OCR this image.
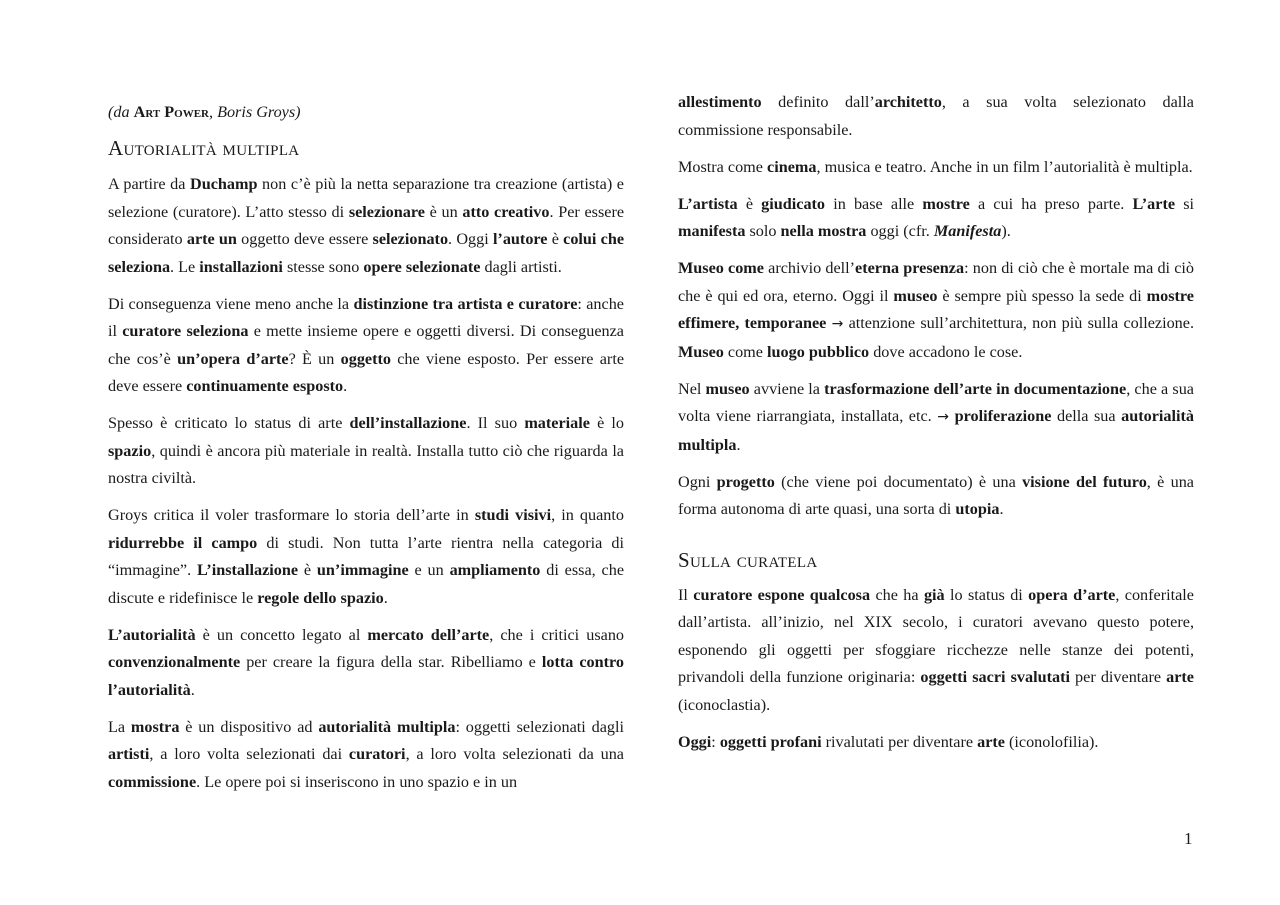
(da Art Power, Boris Groys)

Autorialità multipla

A partire da Duchamp non c’è più la netta separazione tra creazione (artista) e selezione (curatore). L’atto stesso di selezionare è un atto creativo. Per essere considerato arte un oggetto deve essere selezionato. Oggi l’autore è colui che seleziona. Le installazioni stesse sono opere selezionate dagli artisti.

Di conseguenza viene meno anche la distinzione tra artista e curatore: anche il curatore seleziona e mette insieme opere e oggetti diversi. Di conseguenza che cos’è un’opera d’arte? È un oggetto che viene esposto. Per essere arte deve essere continuamente esposto.

Spesso è criticato lo status di arte dell’installazione. Il suo materiale è lo spazio, quindi è ancora più materiale in realtà. Installa tutto ciò che riguarda la nostra civiltà.

Groys critica il voler trasformare lo storia dell’arte in studi visivi, in quanto ridurrebbe il campo di studi. Non tutta l’arte rientra nella categoria di “immagine”. L’installazione è un’immagine e un ampliamento di essa, che discute e ridefinisce le regole dello spazio.

L’autorialità è un concetto legato al mercato dell’arte, che i critici usano convenzionalmente per creare la figura della star. Ribelliamo e lotta contro l’autorialità.

La mostra è un dispositivo ad autorialità multipla: oggetti selezionati dagli artisti, a loro volta selezionati dai curatori, a loro volta selezionati da una commissione. Le opere poi si inseriscono in uno spazio e in un

allestimento definito dall’architetto, a sua volta selezionato dalla commissione responsabile.

Mostra come cinema, musica e teatro. Anche in un film l’autorialità è multipla.

L’artista è giudicato in base alle mostre a cui ha preso parte. L’arte si manifesta solo nella mostra oggi (cfr. Manifesta).

Museo come archivio dell’eterna presenza: non di ciò che è mortale ma di ciò che è qui ed ora, eterno. Oggi il museo è sempre più spesso la sede di mostre effimere, temporanee → attenzione sull’architettura, non più sulla collezione. Museo come luogo pubblico dove accadono le cose.

Nel museo avviene la trasformazione dell’arte in documentazione, che a sua volta viene riarrangiata, installata, etc. → proliferazione della sua autorialità multipla.

Ogni progetto (che viene poi documentato) è una visione del futuro, è una forma autonoma di arte quasi, una sorta di utopia.

Sulla curatela

Il curatore espone qualcosa che ha già lo status di opera d’arte, conferitale dall’artista. all’inizio, nel XIX secolo, i curatori avevano questo potere, esponendo gli oggetti per sfoggiare ricchezze nelle stanze dei potenti, privandoli della funzione originaria: oggetti sacri svalutati per diventare arte (iconoclastia).

Oggi: oggetti profani rivalutati per diventare arte (iconolofilia).

1
